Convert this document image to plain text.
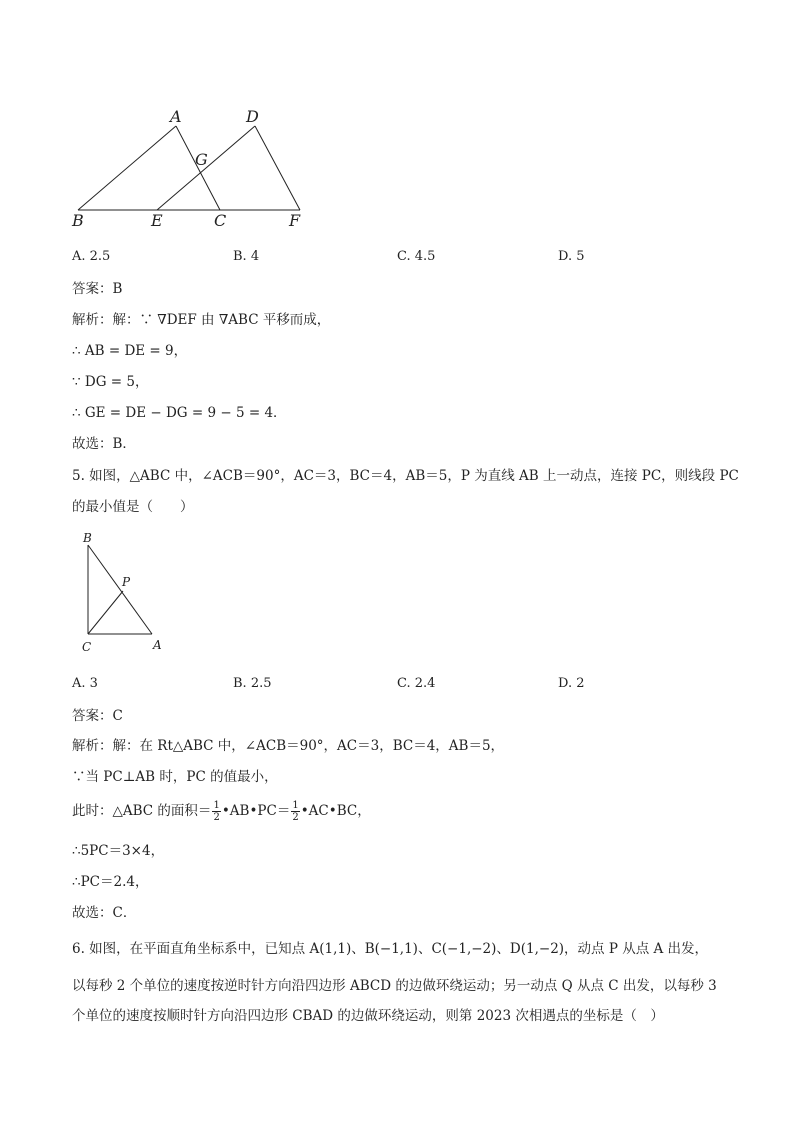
A	D
G
B	E	C	F
A. 2.5	B. 4	C. 4.5	D. 5
答案：B
解析：解：∵ ∇DEF 由 ∇ABC 平移而成，
∴ AB = DE = 9，
∵ DG = 5，
∴ GE = DE − DG = 9 − 5 = 4．
故选：B．
5. 如图，△ABC 中，∠ACB＝90°，AC＝3，BC＝4，AB＝5，P 为直线 AB 上一动点，连接 PC，则线段 PC
的最小值是（　　）
B
P
C	A
A. 3	B. 2.5	C. 2.4	D. 2
答案：C
解析：解：在 Rt△ABC 中，∠ACB＝90°，AC＝3，BC＝4，AB＝5，
∵当 PC⊥AB 时，PC 的值最小，
此时：△ABC 的面积＝ $\frac{1}{2}$ •AB•PC＝ $\frac{1}{2}$ •AC•BC，
∴5PC＝3×4，
∴PC＝2.4，
故选：C．
6. 如图，在平面直角坐标系中，已知点 A(1,1)、B(−1,1)、C(−1,−2)、D(1,−2)，动点 P 从点 A 出发，
以每秒 2 个单位的速度按逆时针方向沿四边形 ABCD 的边做环绕运动；另一动点 Q 从点 C 出发，以每秒 3
个单位的速度按顺时针方向沿四边形 CBAD 的边做环绕运动，则第 2023 次相遇点的坐标是（　）
